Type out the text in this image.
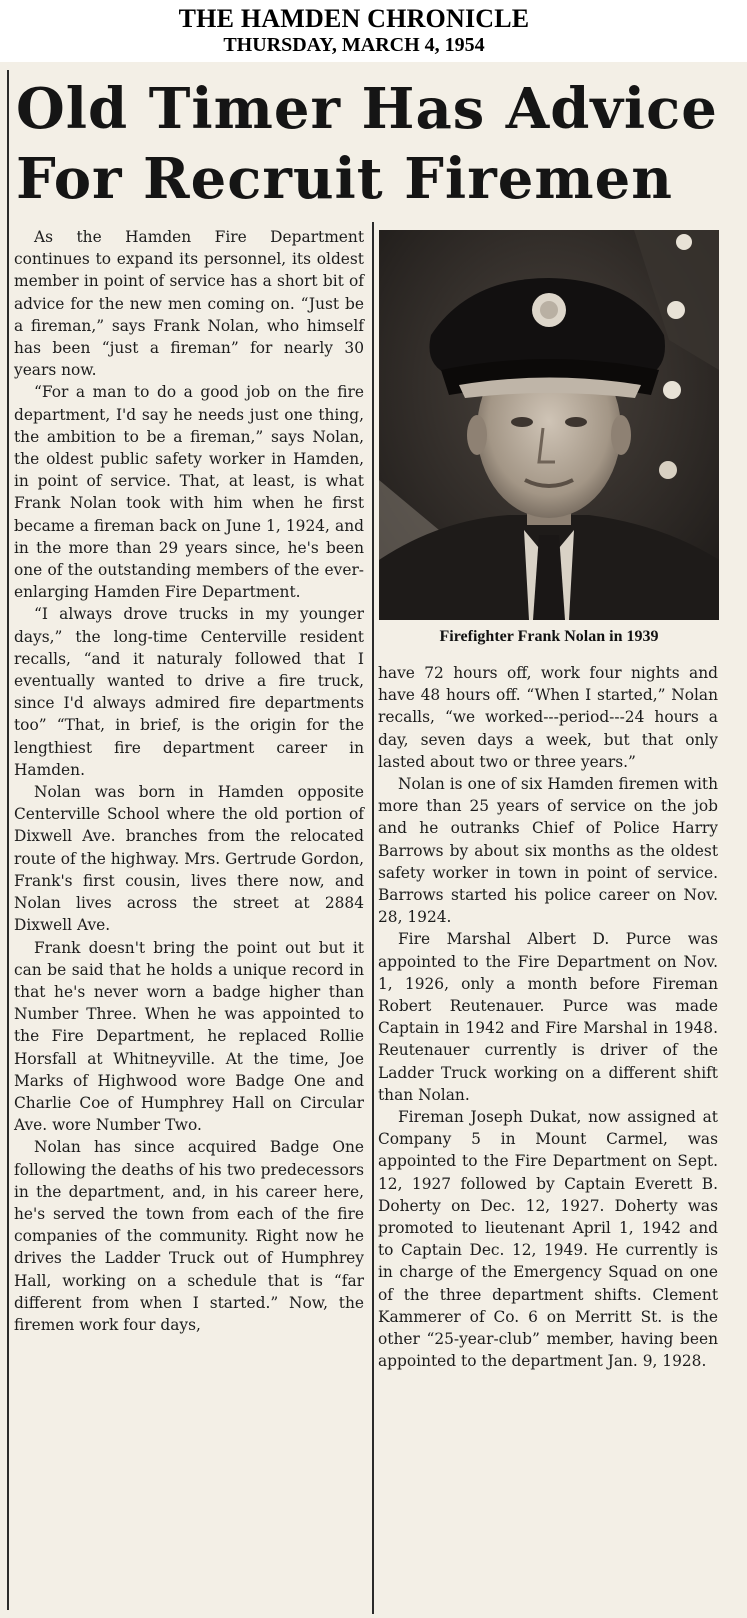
THE HAMDEN CHRONICLE
THURSDAY, MARCH 4, 1954
Old Timer Has Advice
For Recruit Firemen

As the Hamden Fire Department continues to expand its personnel, its oldest member in point of service has a short bit of advice for the new men coming on. “Just be a fireman,” says Frank Nolan, who himself has been “just a fireman” for nearly 30 years now.

“For a man to do a good job on the fire department, I'd say he needs just one thing, the ambition to be a fireman,” says Nolan, the oldest public safety worker in Hamden, in point of service. That, at least, is what Frank Nolan took with him when he first became a fireman back on June 1, 1924, and in the more than 29 years since, he's been one of the outstanding members of the ever-enlarging Hamden Fire Department.

“I always drove trucks in my younger days,” the long-time Centerville resident recalls, “and it naturaly followed that I eventually wanted to drive a fire truck, since I'd always admired fire departments too” “That, in brief, is the origin for the lengthiest fire department career in Hamden.

Nolan was born in Hamden opposite Centerville School where the old portion of Dixwell Ave. branches from the relocated route of the highway. Mrs. Gertrude Gordon, Frank's first cousin, lives there now, and Nolan lives across the street at 2884 Dixwell Ave.

Frank doesn't bring the point out but it can be said that he holds a unique record in that he's never worn a badge higher than Number Three. When he was appointed to the Fire Department, he replaced Rollie Horsfall at Whitneyville. At the time, Joe Marks of Highwood wore Badge One and Charlie Coe of Humphrey Hall on Circular Ave. wore Number Two.

Nolan has since acquired Badge One following the deaths of his two predecessors in the department, and, in his career here, he's served the town from each of the fire companies of the community. Right now he drives the Ladder Truck out of Humphrey Hall, working on a schedule that is “far different from when I started.” Now, the firemen work four days,

Firefighter Frank Nolan in 1939

have 72 hours off, work four nights and have 48 hours off. “When I started,” Nolan recalls, “we worked---period---24 hours a day, seven days a week, but that only lasted about two or three years.”

Nolan is one of six Hamden firemen with more than 25 years of service on the job and he outranks Chief of Police Harry Barrows by about six months as the oldest safety worker in town in point of service. Barrows started his police career on Nov. 28, 1924.

Fire Marshal Albert D. Purce was appointed to the Fire Department on Nov. 1, 1926, only a month before Fireman Robert Reutenauer. Purce was made Captain in 1942 and Fire Marshal in 1948. Reutenauer currently is driver of the Ladder Truck working on a different shift than Nolan.

Fireman Joseph Dukat, now assigned at Company 5 in Mount Carmel, was appointed to the Fire Department on Sept. 12, 1927 followed by Captain Everett B. Doherty on Dec. 12, 1927. Doherty was promoted to lieutenant April 1, 1942 and to Captain Dec. 12, 1949. He currently is in charge of the Emergency Squad on one of the three department shifts. Clement Kammerer of Co. 6 on Merritt St. is the other “25-year-club” member, having been appointed to the department Jan. 9, 1928.
